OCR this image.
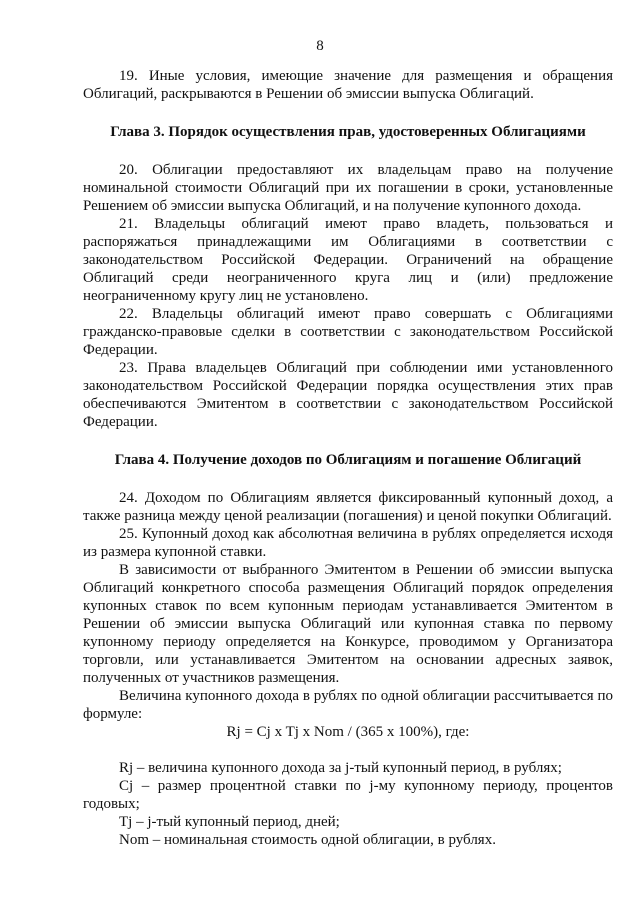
8

19. Иные условия, имеющие значение для размещения и обращения Облигаций, раскрываются в Решении об эмиссии выпуска Облигаций.

Глава 3. Порядок осуществления прав, удостоверенных Облигациями

20. Облигации предоставляют их владельцам право на получение номинальной стоимости Облигаций при их погашении в сроки, установленные Решением об эмиссии выпуска Облигаций, и на получение купонного дохода.

21. Владельцы облигаций имеют право владеть, пользоваться и распоряжаться принадлежащими им Облигациями в соответствии с законодательством Российской Федерации. Ограничений на обращение Облигаций среди неограниченного круга лиц и (или) предложение неограниченному кругу лиц не установлено.

22. Владельцы облигаций имеют право совершать с Облигациями гражданско-правовые сделки в соответствии с законодательством Российской Федерации.

23. Права владельцев Облигаций при соблюдении ими установленного законодательством Российской Федерации порядка осуществления этих прав обеспечиваются Эмитентом в соответствии с законодательством Российской Федерации.

Глава 4. Получение доходов по Облигациям и погашение Облигаций

24. Доходом по Облигациям является фиксированный купонный доход, а также разница между ценой реализации (погашения) и ценой покупки Облигаций.

25. Купонный доход как абсолютная величина в рублях определяется исходя из размера купонной ставки.

В зависимости от выбранного Эмитентом в Решении об эмиссии выпуска Облигаций конкретного способа размещения Облигаций порядок определения купонных ставок по всем купонным периодам устанавливается Эмитентом в Решении об эмиссии выпуска Облигаций или купонная ставка по первому купонному периоду определяется на Конкурсе, проводимом у Организатора торговли, или устанавливается Эмитентом на основании адресных заявок, полученных от участников размещения.

Величина купонного дохода в рублях по одной облигации рассчитывается по формуле:

Rj = Cj x Tj x Nom / (365 x 100%), где:

Rj – величина купонного дохода за j-тый купонный период, в рублях;

Cj – размер процентной ставки по j-му купонному периоду, процентов годовых;

Tj – j-тый купонный период, дней;

Nom – номинальная стоимость одной облигации, в рублях.
